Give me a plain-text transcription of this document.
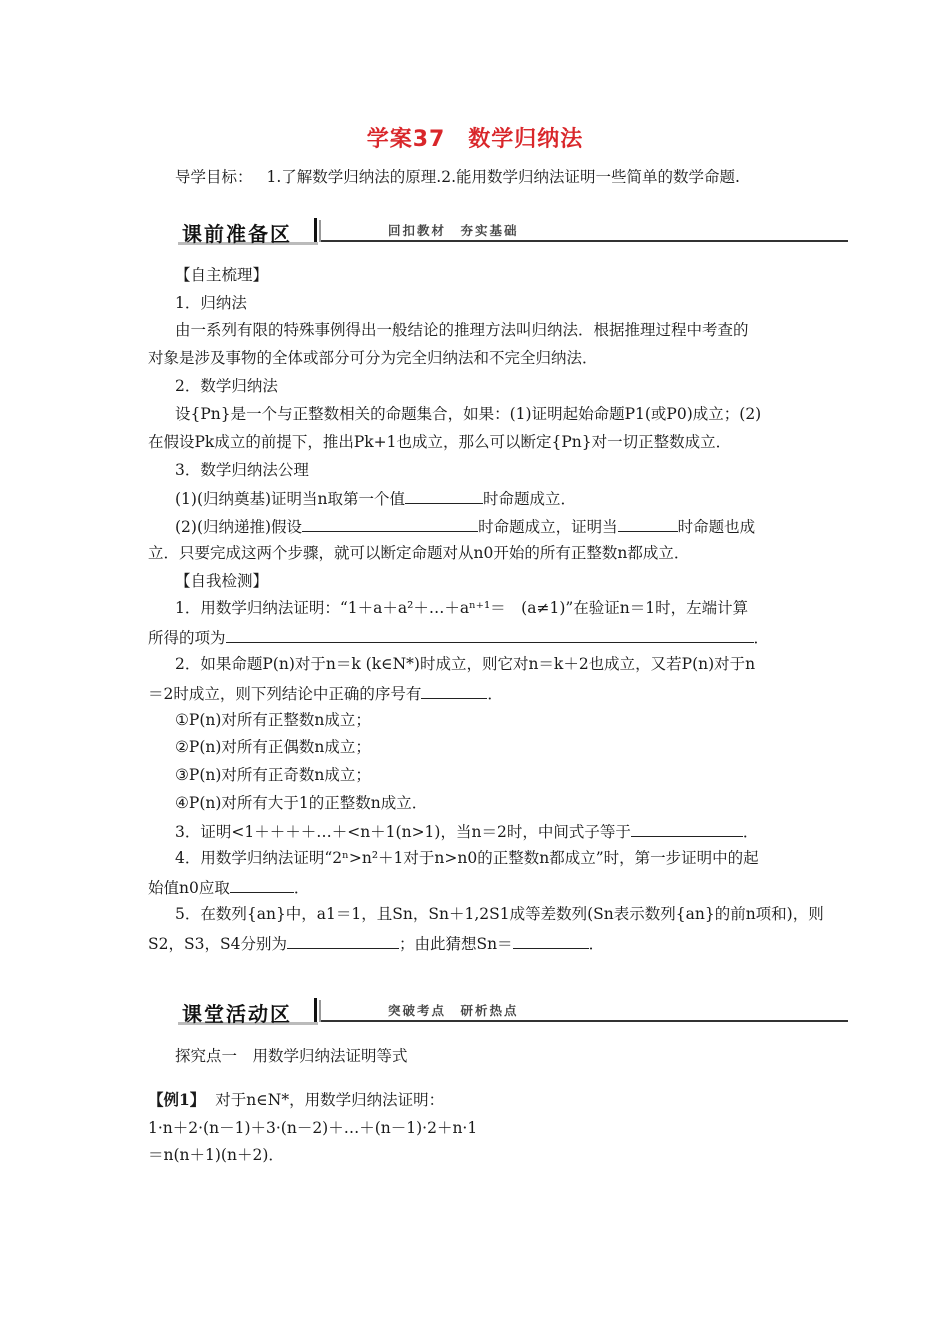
学案37　数学归纳法
导学目标： 1.了解数学归纳法的原理.2.能用数学归纳法证明一些简单的数学命题.
课前准备区	回扣教材　夯实基础
【自主梳理】
1．归纳法
由一系列有限的特殊事例得出一般结论的推理方法叫归纳法．根据推理过程中考查的
对象是涉及事物的全体或部分可分为完全归纳法和不完全归纳法．
2．数学归纳法
设{Pn}是一个与正整数相关的命题集合，如果：(1)证明起始命题P1(或P0)成立；(2)
在假设Pk成立的前提下，推出Pk+1也成立，那么可以断定{Pn}对一切正整数成立．
3．数学归纳法公理
(1)(归纳奠基)证明当n取第一个值	时命题成立．
(2)(归纳递推)假设	时命题成立，证明当	时命题也成
立．只要完成这两个步骤，就可以断定命题对从n0开始的所有正整数n都成立．
【自我检测】
1．用数学归纳法证明：“1＋a＋a²＋…＋aⁿ⁺¹＝　(a≠1)”在验证n＝1时，左端计算
所得的项为	．
2．如果命题P(n)对于n＝k (k∈N*)时成立，则它对n＝k＋2也成立，又若P(n)对于n
＝2时成立，则下列结论中正确的序号有	．
①P(n)对所有正整数n成立；
②P(n)对所有正偶数n成立；
③P(n)对所有正奇数n成立；
④P(n)对所有大于1的正整数n成立．
3．证明<1＋＋＋＋…＋<n＋1(n>1)，当n＝2时，中间式子等于	．
4．用数学归纳法证明“2ⁿ>n²＋1对于n>n0的正整数n都成立”时，第一步证明中的起
始值n0应取	．
5．在数列{an}中，a1＝1，且Sn，Sn＋1,2S1成等差数列(Sn表示数列{an}的前n项和)，则
S2，S3，S4分别为	；由此猜想Sn＝	．
课堂活动区	突破考点　研析热点
探究点一　用数学归纳法证明等式
【例1】 对于n∈N*，用数学归纳法证明：
1·n＋2·(n－1)＋3·(n－2)＋…＋(n－1)·2＋n·1
＝n(n＋1)(n＋2)．
